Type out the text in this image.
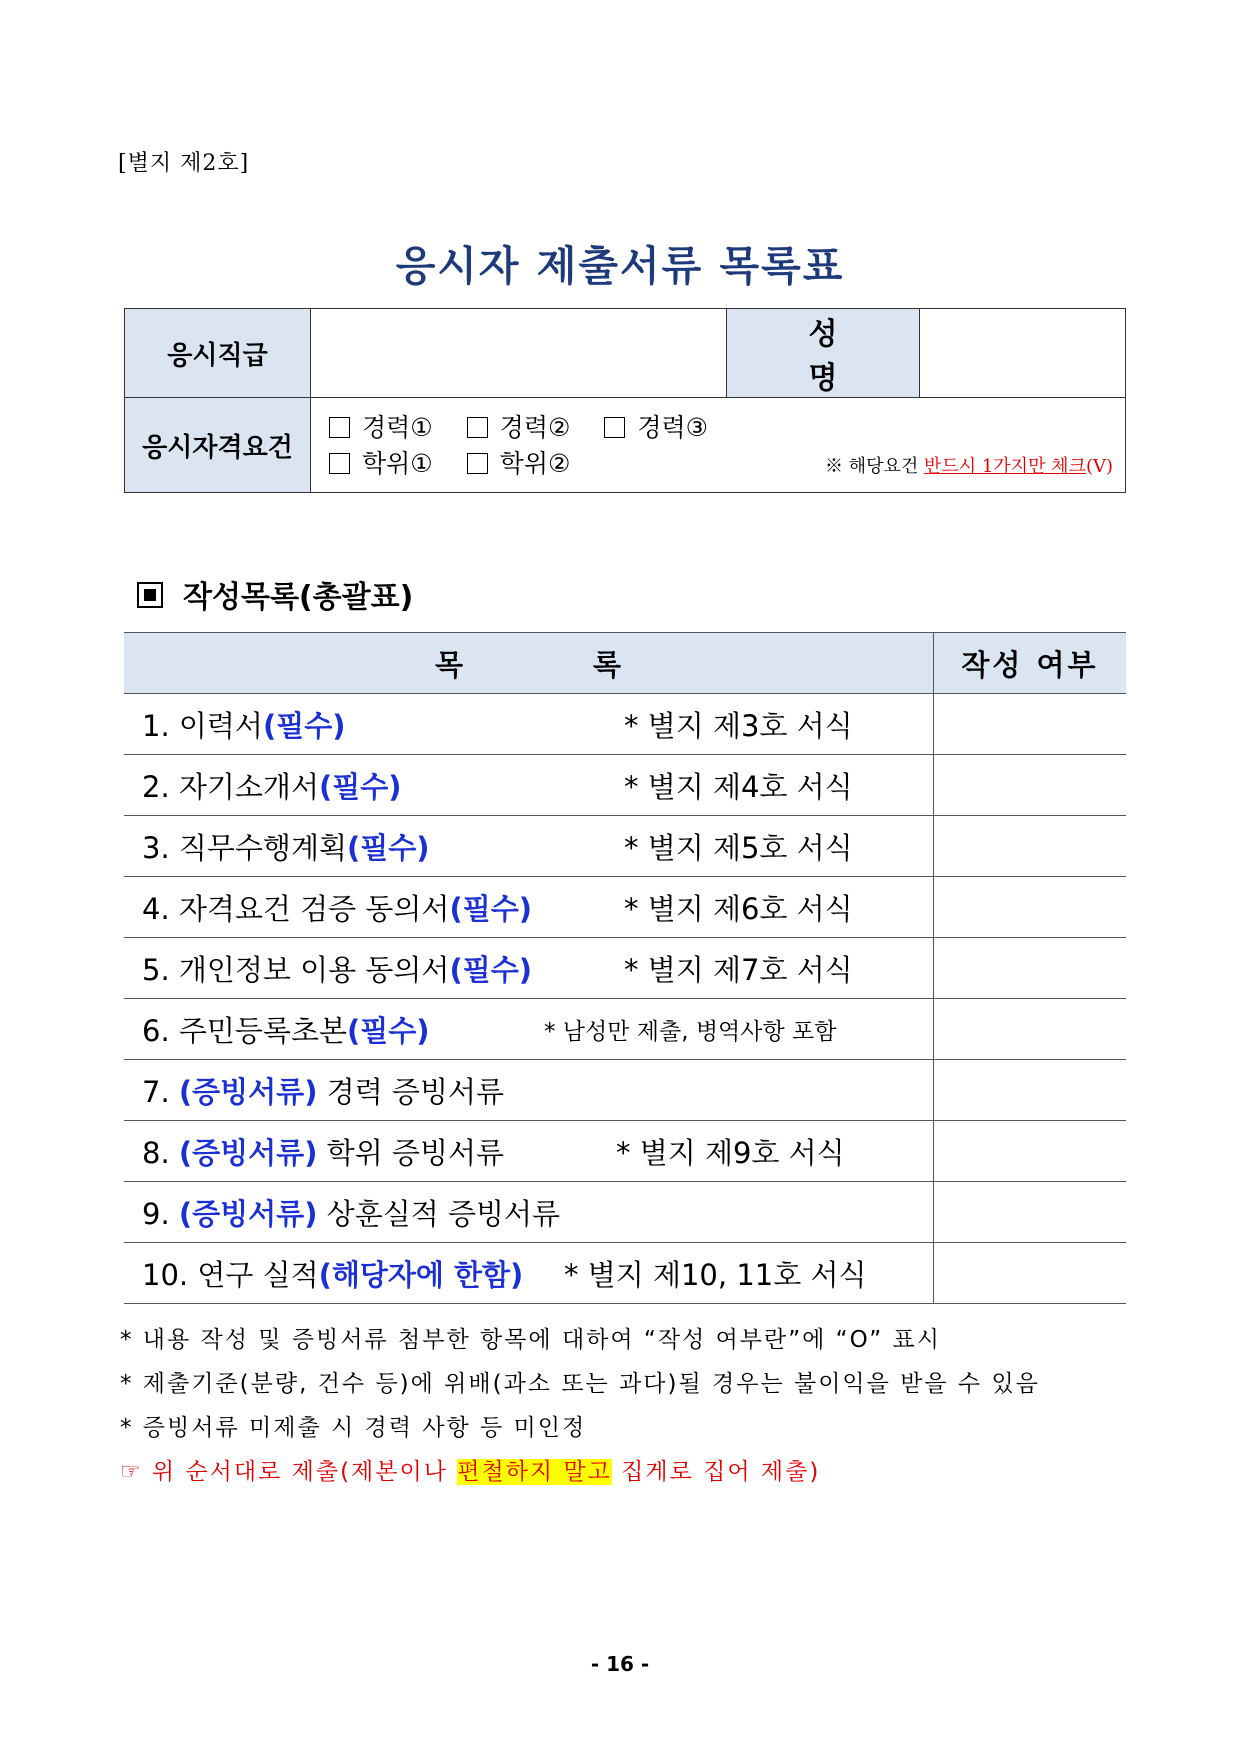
[별지 제2호]
응시자 제출서류 목록표
응시직급		성 명	
응시자격요건	경력① 경력② 경력③
학위① 학위② ※ 해당요건 반드시 1가지만 체크(V)		
작성목록(총괄표)
목 록	작성 여부

1. 이력서(필수) * 별지 제3호 서식	

2. 자기소개서(필수) * 별지 제4호 서식	

3. 직무수행계획(필수) * 별지 제5호 서식	

4. 자격요건 검증 동의서(필수) * 별지 제6호 서식	

5. 개인정보 이용 동의서(필수) * 별지 제7호 서식	

6. 주민등록초본(필수) * 남성만 제출, 병역사항 포함	

7. (증빙서류) 경력 증빙서류	

8. (증빙서류) 학위 증빙서류 * 별지 제9호 서식	

9. (증빙서류) 상훈실적 증빙서류	

10. 연구 실적(해당자에 한함) * 별지 제10, 11호 서식	

* 내용 작성 및 증빙서류 첨부한 항목에 대하여 “작성 여부란”에 “O” 표시
* 제출기준(분량, 건수 등)에 위배(과소 또는 과다)될 경우는 불이익을 받을 수 있음
* 증빙서류 미제출 시 경력 사항 등 미인정
☞ 위 순서대로 제출(제본이나 편철하지 말고 집게로 집어 제출)
- 16 -
